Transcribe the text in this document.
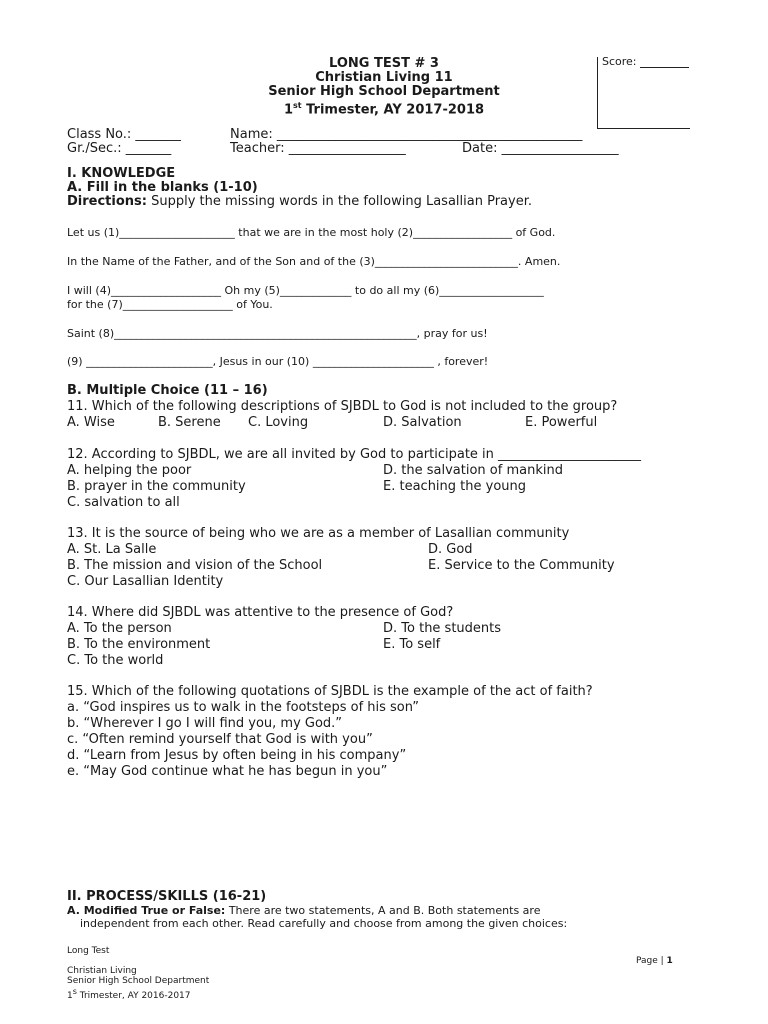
LONG TEST # 3
Christian Living 11
Senior High School Department
1st Trimester, AY 2017-2018
Score:
Class No.: _______	Name: _______________________________________________
Gr./Sec.: _______	Teacher: __________________	Date: __________________
I. KNOWLEDGE
A. Fill in the blanks (1-10)
Directions: Supply the missing words in the following Lasallian Prayer.
Let us (1)_____________________ that we are in the most holy (2)__________________ of God.
In the Name of the Father, and of the Son and of the (3)__________________________. Amen.
I will (4)____________________ Oh my (5)_____________ to do all my (6)___________________
for the (7)____________________ of You.
Saint (8)_______________________________________________________, pray for us!
(9) _______________________, Jesus in our (10) ______________________ , forever!
B. Multiple Choice (11 – 16)
11. Which of the following descriptions of SJBDL to God is not included to the group?
A. Wise	B. Serene C. Loving	D. Salvation	E. Powerful
12. According to SJBDL, we are all invited by God to participate in ______________________
A. helping the poor	D. the salvation of mankind
B. prayer in the community	E. teaching the young
C. salvation to all
13. It is the source of being who we are as a member of Lasallian community
A. St. La Salle	D. God
B. The mission and vision of the School	E. Service to the Community
C. Our Lasallian Identity
14. Where did SJBDL was attentive to the presence of God?
A. To the person	D. To the students
B. To the environment	E. To self
C. To the world
15. Which of the following quotations of SJBDL is the example of the act of faith?
a. “God inspires us to walk in the footsteps of his son”
b. “Wherever I go I will find you, my God.”
c. “Often remind yourself that God is with you”
d. “Learn from Jesus by often being in his company”
e. “May God continue what he has begun in you”
II. PROCESS/SKILLS (16-21)
A. Modified True or False: There are two statements, A and B. Both statements are
independent from each other. Read carefully and choose from among the given choices:
Long Test
Christian Living
Senior High School Department
1$^s$ Trimester, AY 2016-2017
Page | 1
